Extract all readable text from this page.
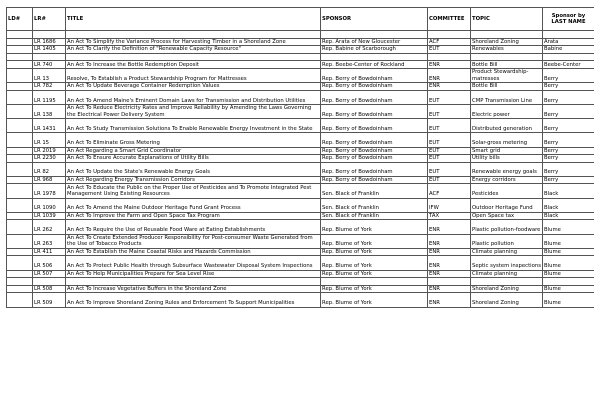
LD#	LR#	TITLE	SPONSOR	COMMITTEE	TOPIC	Sponsor by LAST NAME

	LR 1686	An Act To Simplify the Variance Process for Harvesting Timber in a Shoreland Zone	Rep. Arata of New Gloucester	ACF	Shoreland Zoning	Arata
	LR 1405	An Act To Clarify the Definition of "Renewable Capacity Resource"	Rep. Babine of Scarborough	EUT	Renewables	Babine

	LR 740	An Act To Increase the Bottle Redemption Deposit	Rep. Beebe-Center of Rockland	ENR	Bottle Bill	Beebe-Center
	LR 13	Resolve, To Establish a Product Stewardship Program for Mattresses	Rep. Berry of Bowdoinham	ENR	Product Stewardship-matresses	Berry
	LR 782	An Act To Update Beverage Container Redemption Values	Rep. Berry of Bowdoinham	ENR	Bottle Bill	Berry
	LR 1195	An Act To Amend Maine's Eminent Domain Laws for Transmission and Distribution Utilities	Rep. Berry of Bowdoinham	EUT	CMP Transmission Line	Berry
	LR 138	An Act To Reduce Electricity Rates and Improve Reliability by Amending the Laws Governing the Electrical Power Delivery System	Rep. Berry of Bowdoinham	EUT	Electric power	Berry
	LR 1431	An Act To Study Transmission Solutions To Enable Renewable Energy Investment in the State	Rep. Berry of Bowdoinham	EUT	Distributed generation	Berry
	LR 15	An Act To Eliminate Gross Metering	Rep. Berry of Bowdoinham	EUT	Solar-gross metering	Berry
	LR 2019	An Act Regarding a Smart Grid Coordinator	Rep. Berry of Bowdoinham	EUT	Smart grid	Berry
	LR 2230	An Act To Ensure Accurate Explanations of Utility Bills	Rep. Berry of Bowdoinham	EUT	Utility bills	Berry
	LR 82	An Act To Update the State's Renewable Energy Goals	Rep. Berry of Bowdoinham	EUT	Renewable energy goals	Berry
	LR 968	An Act Regarding Energy Transmission Corridors	Rep. Berry of Bowdoinham	EUT	Energy corridors	Berry
	LR 1978	An Act To Educate the Public on the Proper Use of Pesticides and To Promote Integrated Pest Management Using Existing Resources	Sen. Black of Franklin	ACF	Pesticides	Black
	LR 1090	An Act To Amend the Maine Outdoor Heritage Fund Grant Process	Sen. Black of Franklin	IFW	Outdoor Heritage Fund	Black
	LR 1039	An Act To Improve the Farm and Open Space Tax Program	Sen. Black of Franklin	TAX	Open Space tax	Black
	LR 262	An Act To Require the Use of Reusable Food Ware at Eating Establishments	Rep. Blume of York	ENR	Plastic pollution-foodware	Blume
	LR 263	An Act To Create Extended Producer Responsibility for Post-consumer Waste Generated from the Use of Tobacco Products	Rep. Blume of York	ENR	Plastic pollution	Blume
	LR 411	An Act To Establish the Maine Coastal Risks and Hazards Commission	Rep. Blume of York	ENR	Climate planning	Blume
	LR 506	An Act To Protect Public Health through Subsurface Wastewater Disposal System Inspections	Rep. Blume of York	ENR	Septic system inspections	Blume
	LR 507	An Act To Help Municipalities Prepare for Sea Level Rise	Rep. Blume of York	ENR	Climate planning	Blume

	LR 508	An Act To Increase Vegetative Buffers in the Shoreland Zone	Rep. Blume of York	ENR	Shoreland Zoning	Blume
	LR 509	An Act To Improve Shoreland Zoning Rules and Enforcement To Support Municipalities	Rep. Blume of York	ENR	Shoreland Zoning	Blume
